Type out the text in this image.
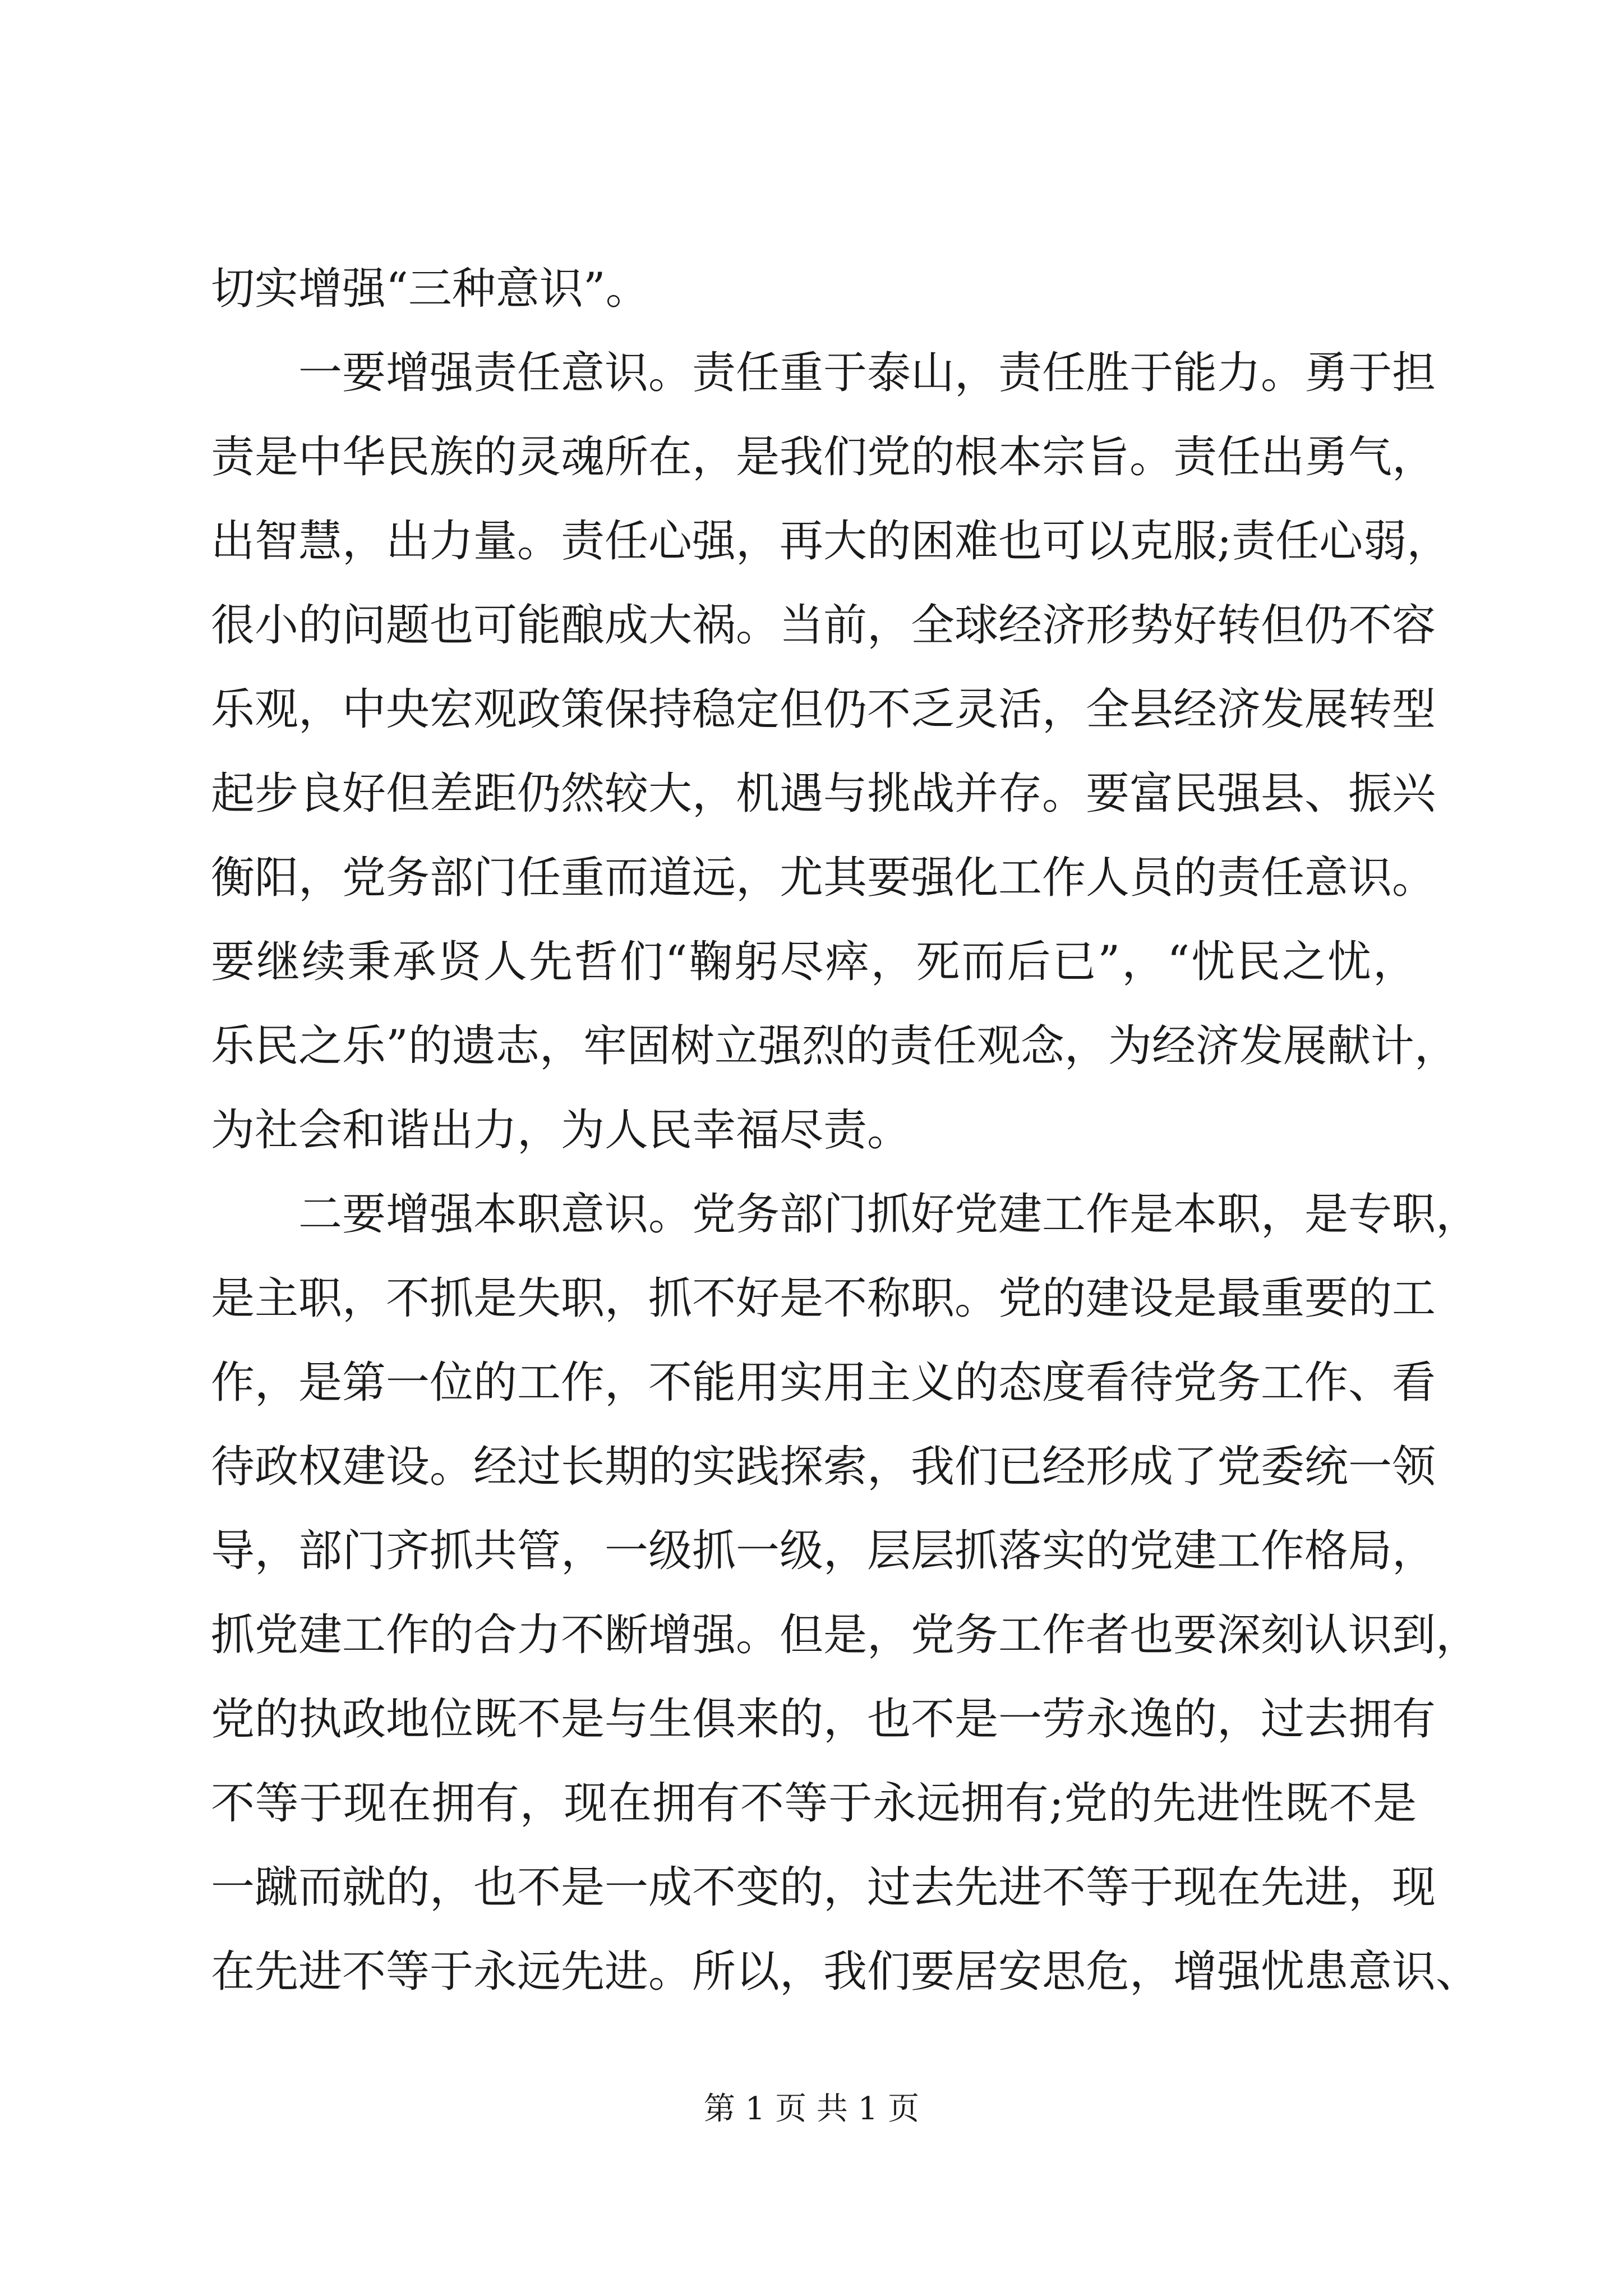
切实增强“三种意识”。
　　一要增强责任意识。责任重于泰山，责任胜于能力。勇于担
责是中华民族的灵魂所在，是我们党的根本宗旨。责任出勇气，
出智慧，出力量。责任心强，再大的困难也可以克服;责任心弱，
很小的问题也可能酿成大祸。当前，全球经济形势好转但仍不容
乐观，中央宏观政策保持稳定但仍不乏灵活，全县经济发展转型
起步良好但差距仍然较大，机遇与挑战并存。要富民强县、振兴
衡阳，党务部门任重而道远，尤其要强化工作人员的责任意识。
要继续秉承贤人先哲们“鞠躬尽瘁，死而后已”，“忧民之忧，
乐民之乐”的遗志，牢固树立强烈的责任观念，为经济发展献计，
为社会和谐出力，为人民幸福尽责。
　　二要增强本职意识。党务部门抓好党建工作是本职，是专职，
是主职，不抓是失职，抓不好是不称职。党的建设是最重要的工
作，是第一位的工作，不能用实用主义的态度看待党务工作、看
待政权建设。经过长期的实践探索，我们已经形成了党委统一领
导，部门齐抓共管，一级抓一级，层层抓落实的党建工作格局，
抓党建工作的合力不断增强。但是，党务工作者也要深刻认识到，
党的执政地位既不是与生俱来的，也不是一劳永逸的，过去拥有
不等于现在拥有，现在拥有不等于永远拥有;党的先进性既不是
一蹴而就的，也不是一成不变的，过去先进不等于现在先进，现
在先进不等于永远先进。所以，我们要居安思危，增强忧患意识、
第 1 页 共 1 页
